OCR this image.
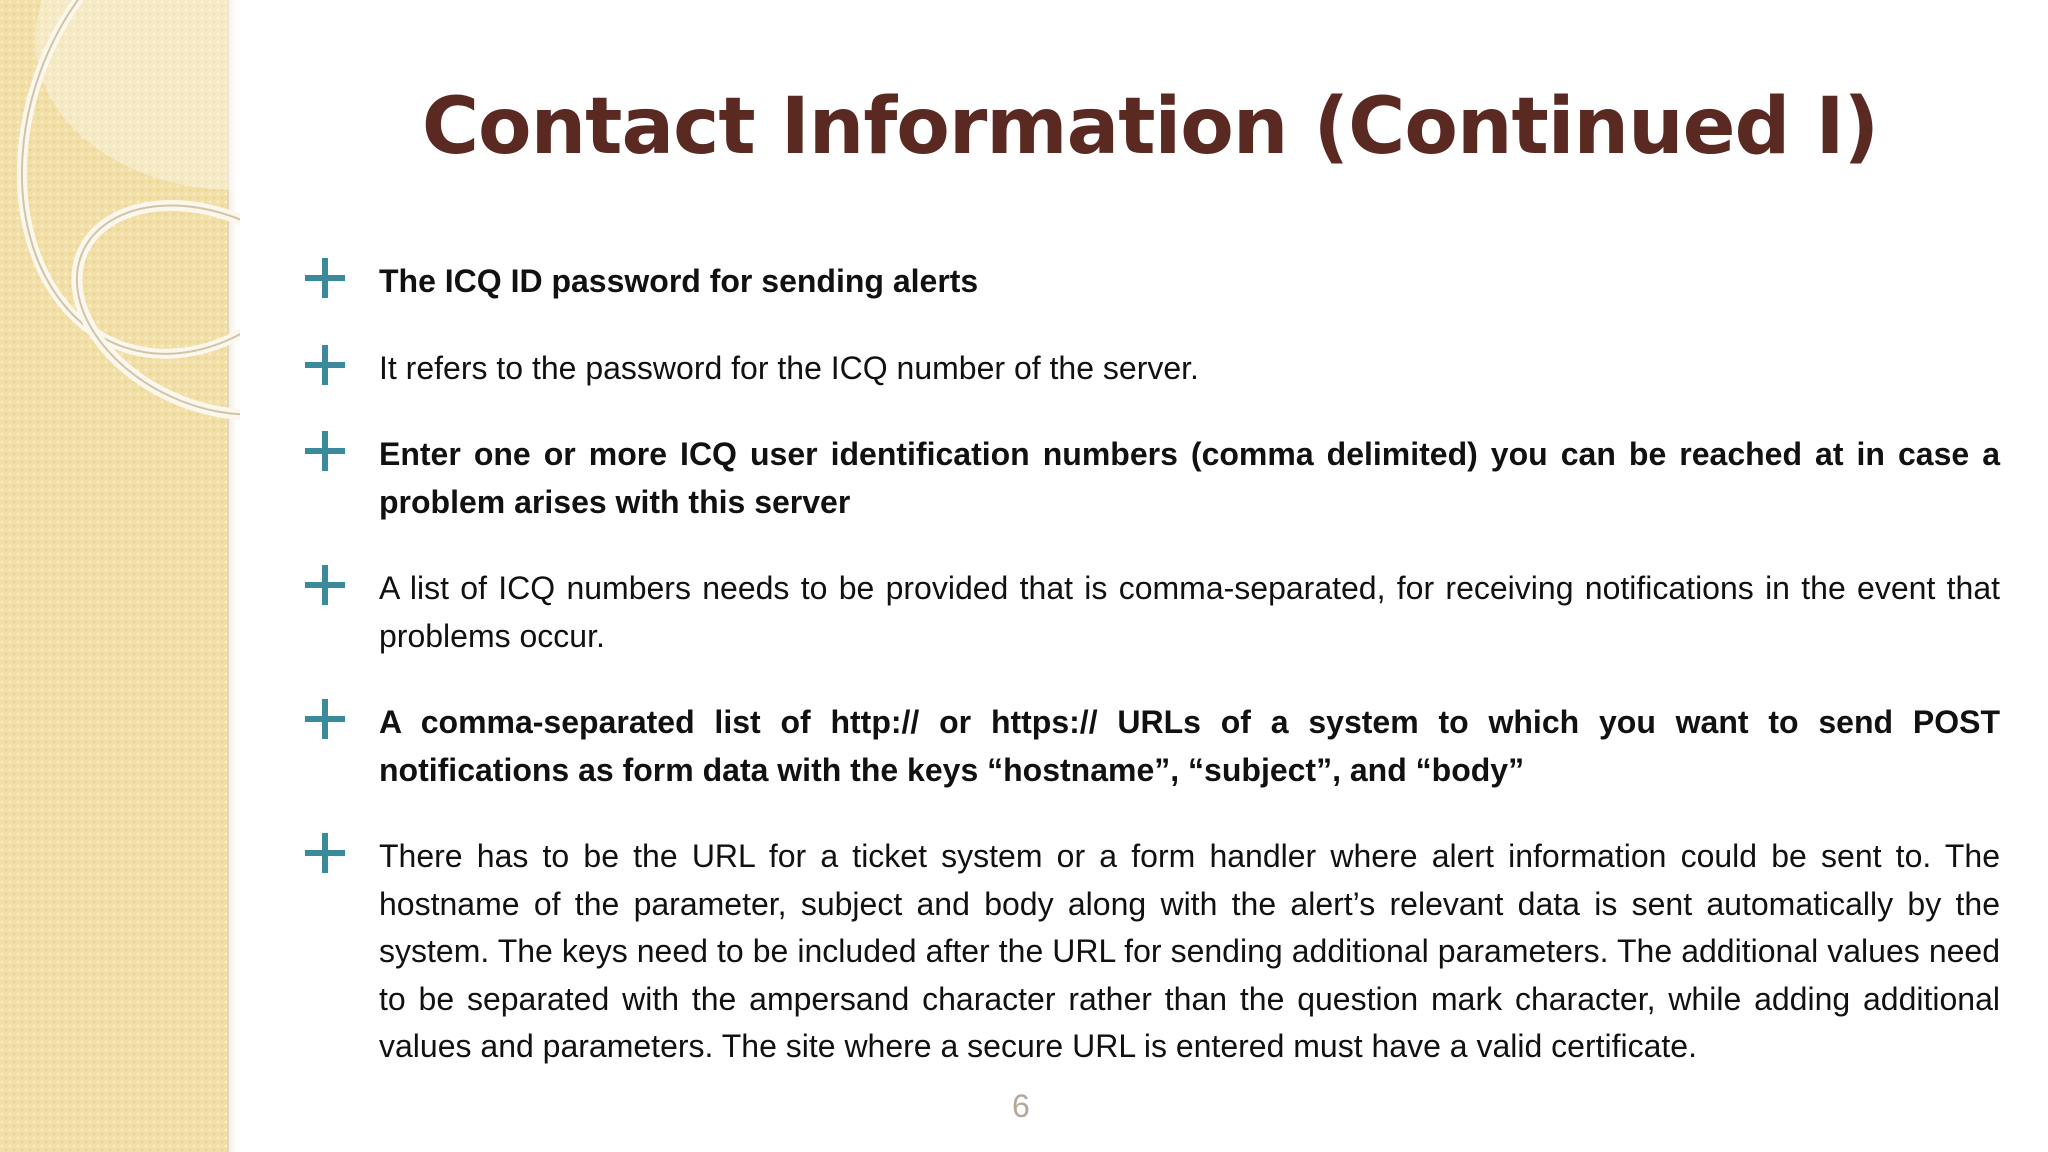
Contact Information (Continued I)
The ICQ ID password for sending alerts
It refers to the password for the ICQ number of the server.
Enter one or more ICQ user identification numbers (comma delimited) you can be reached at in case a problem arises with this server
A list of ICQ numbers needs to be provided that is comma-separated, for receiving notifications in the event that problems occur.
A comma-separated list of http:// or https:// URLs of a system to which you want to send POST notifications as form data with the keys “hostname”, “subject”, and “body”
There has to be the URL for a ticket system or a form handler where alert information could be sent to. The hostname of the parameter, subject and body along with the alert’s relevant data is sent automatically by the system. The keys need to be included after the URL for sending additional parameters. The additional values need to be separated with the ampersand character rather than the question mark character, while adding additional values and parameters. The site where a secure URL is entered must have a valid certificate.
6
